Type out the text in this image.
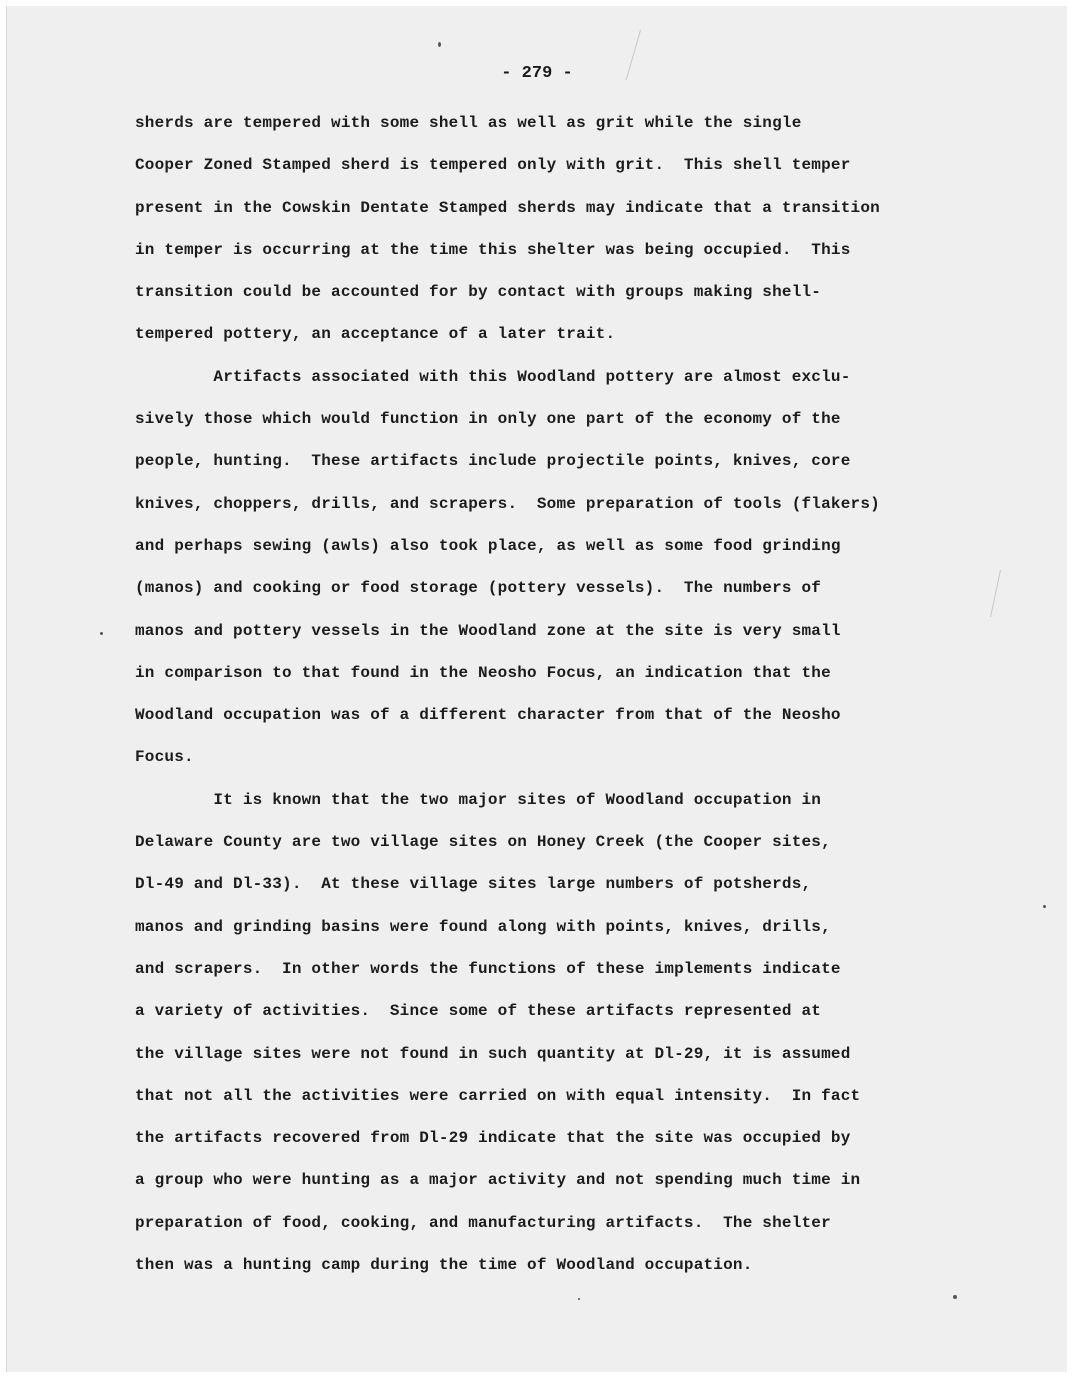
- 279 -
sherds are tempered with some shell as well as grit while the single
Cooper Zoned Stamped sherd is tempered only with grit.  This shell temper
present in the Cowskin Dentate Stamped sherds may indicate that a transition
in temper is occurring at the time this shelter was being occupied.  This
transition could be accounted for by contact with groups making shell-
tempered pottery, an acceptance of a later trait.
Artifacts associated with this Woodland pottery are almost exclu-
sively those which would function in only one part of the economy of the
people, hunting.  These artifacts include projectile points, knives, core
knives, choppers, drills, and scrapers.  Some preparation of tools (flakers)
and perhaps sewing (awls) also took place, as well as some food grinding
(manos) and cooking or food storage (pottery vessels).  The numbers of
manos and pottery vessels in the Woodland zone at the site is very small
in comparison to that found in the Neosho Focus, an indication that the
Woodland occupation was of a different character from that of the Neosho
Focus.
It is known that the two major sites of Woodland occupation in
Delaware County are two village sites on Honey Creek (the Cooper sites,
Dl-49 and Dl-33).  At these village sites large numbers of potsherds,
manos and grinding basins were found along with points, knives, drills,
and scrapers.  In other words the functions of these implements indicate
a variety of activities.  Since some of these artifacts represented at
the village sites were not found in such quantity at Dl-29, it is assumed
that not all the activities were carried on with equal intensity.  In fact
the artifacts recovered from Dl-29 indicate that the site was occupied by
a group who were hunting as a major activity and not spending much time in
preparation of food, cooking, and manufacturing artifacts.  The shelter
then was a hunting camp during the time of Woodland occupation.
